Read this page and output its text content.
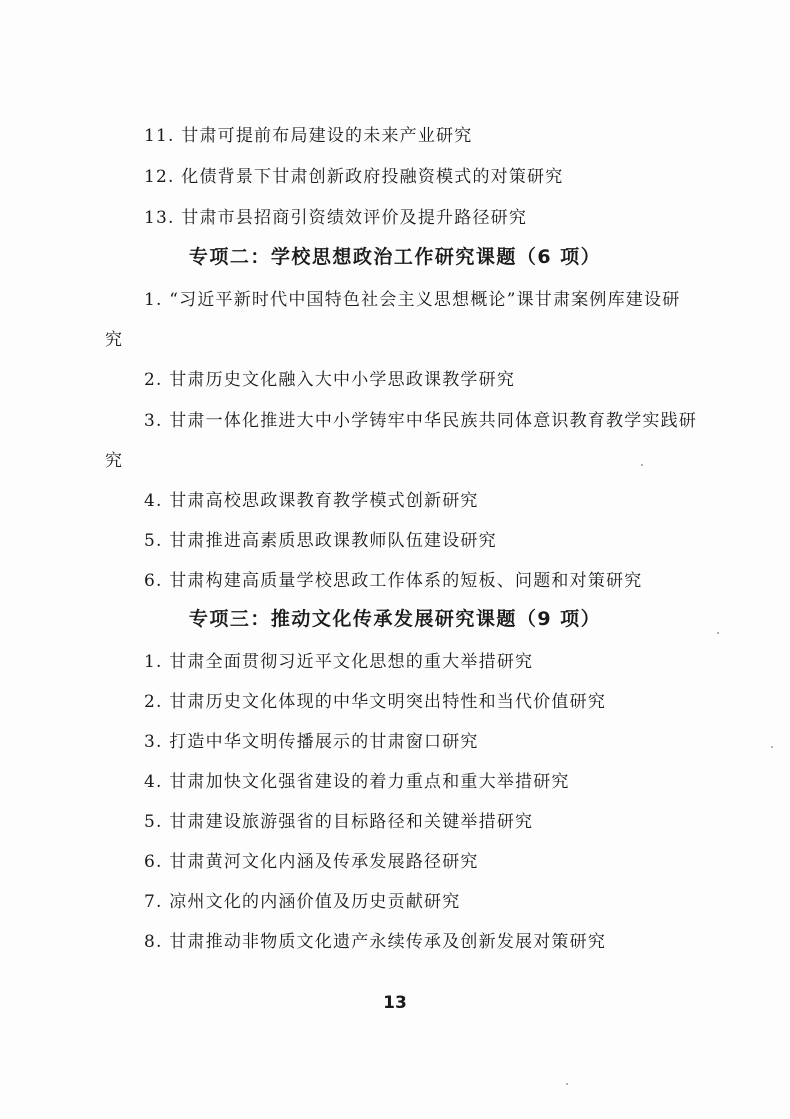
11. 甘肃可提前布局建设的未来产业研究
12. 化债背景下甘肃创新政府投融资模式的对策研究
13. 甘肃市县招商引资绩效评价及提升路径研究
专项二：学校思想政治工作研究课题（6 项）
1. “习近平新时代中国特色社会主义思想概论”课甘肃案例库建设研
究
2. 甘肃历史文化融入大中小学思政课教学研究
3. 甘肃一体化推进大中小学铸牢中华民族共同体意识教育教学实践研
究
4. 甘肃高校思政课教育教学模式创新研究
5. 甘肃推进高素质思政课教师队伍建设研究
6. 甘肃构建高质量学校思政工作体系的短板、问题和对策研究
专项三：推动文化传承发展研究课题（9 项）
1. 甘肃全面贯彻习近平文化思想的重大举措研究
2. 甘肃历史文化体现的中华文明突出特性和当代价值研究
3. 打造中华文明传播展示的甘肃窗口研究
4. 甘肃加快文化强省建设的着力重点和重大举措研究
5. 甘肃建设旅游强省的目标路径和关键举措研究
6. 甘肃黄河文化内涵及传承发展路径研究
7. 凉州文化的内涵价值及历史贡献研究
8. 甘肃推动非物质文化遗产永续传承及创新发展对策研究
13
